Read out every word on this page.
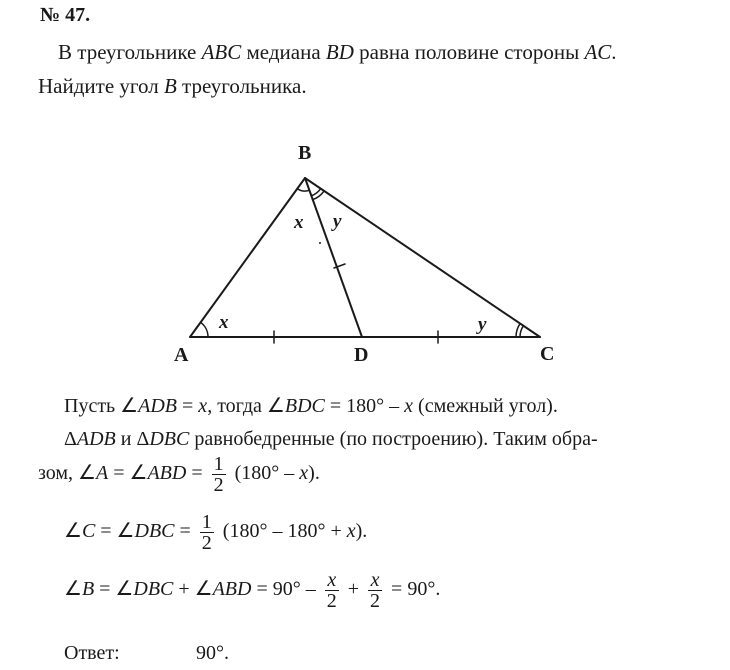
№ 47.
В треугольнике ABC медиана BD равна половине стороны AC.
Найдите угол B треугольника.
A
B
C
D
x y
x	y
Пусть ∠ADB = x, тогда ∠BDC = 180° – x (смежный угол).
ΔADB и ΔDBC равнобедренные (по построению). Таким обра-
зом, ∠A = ∠ABD = $\frac{1}{2} (180^\circ - x)$.
∠C = ∠DBC = $\frac{1}{2} (180^\circ - 180^\circ + x)$.
∠B = ∠DBC + ∠ABD = $90^\circ - \frac{x}{2} + \frac{x}{2} = 90^\circ$.
Ответ:	90°.
